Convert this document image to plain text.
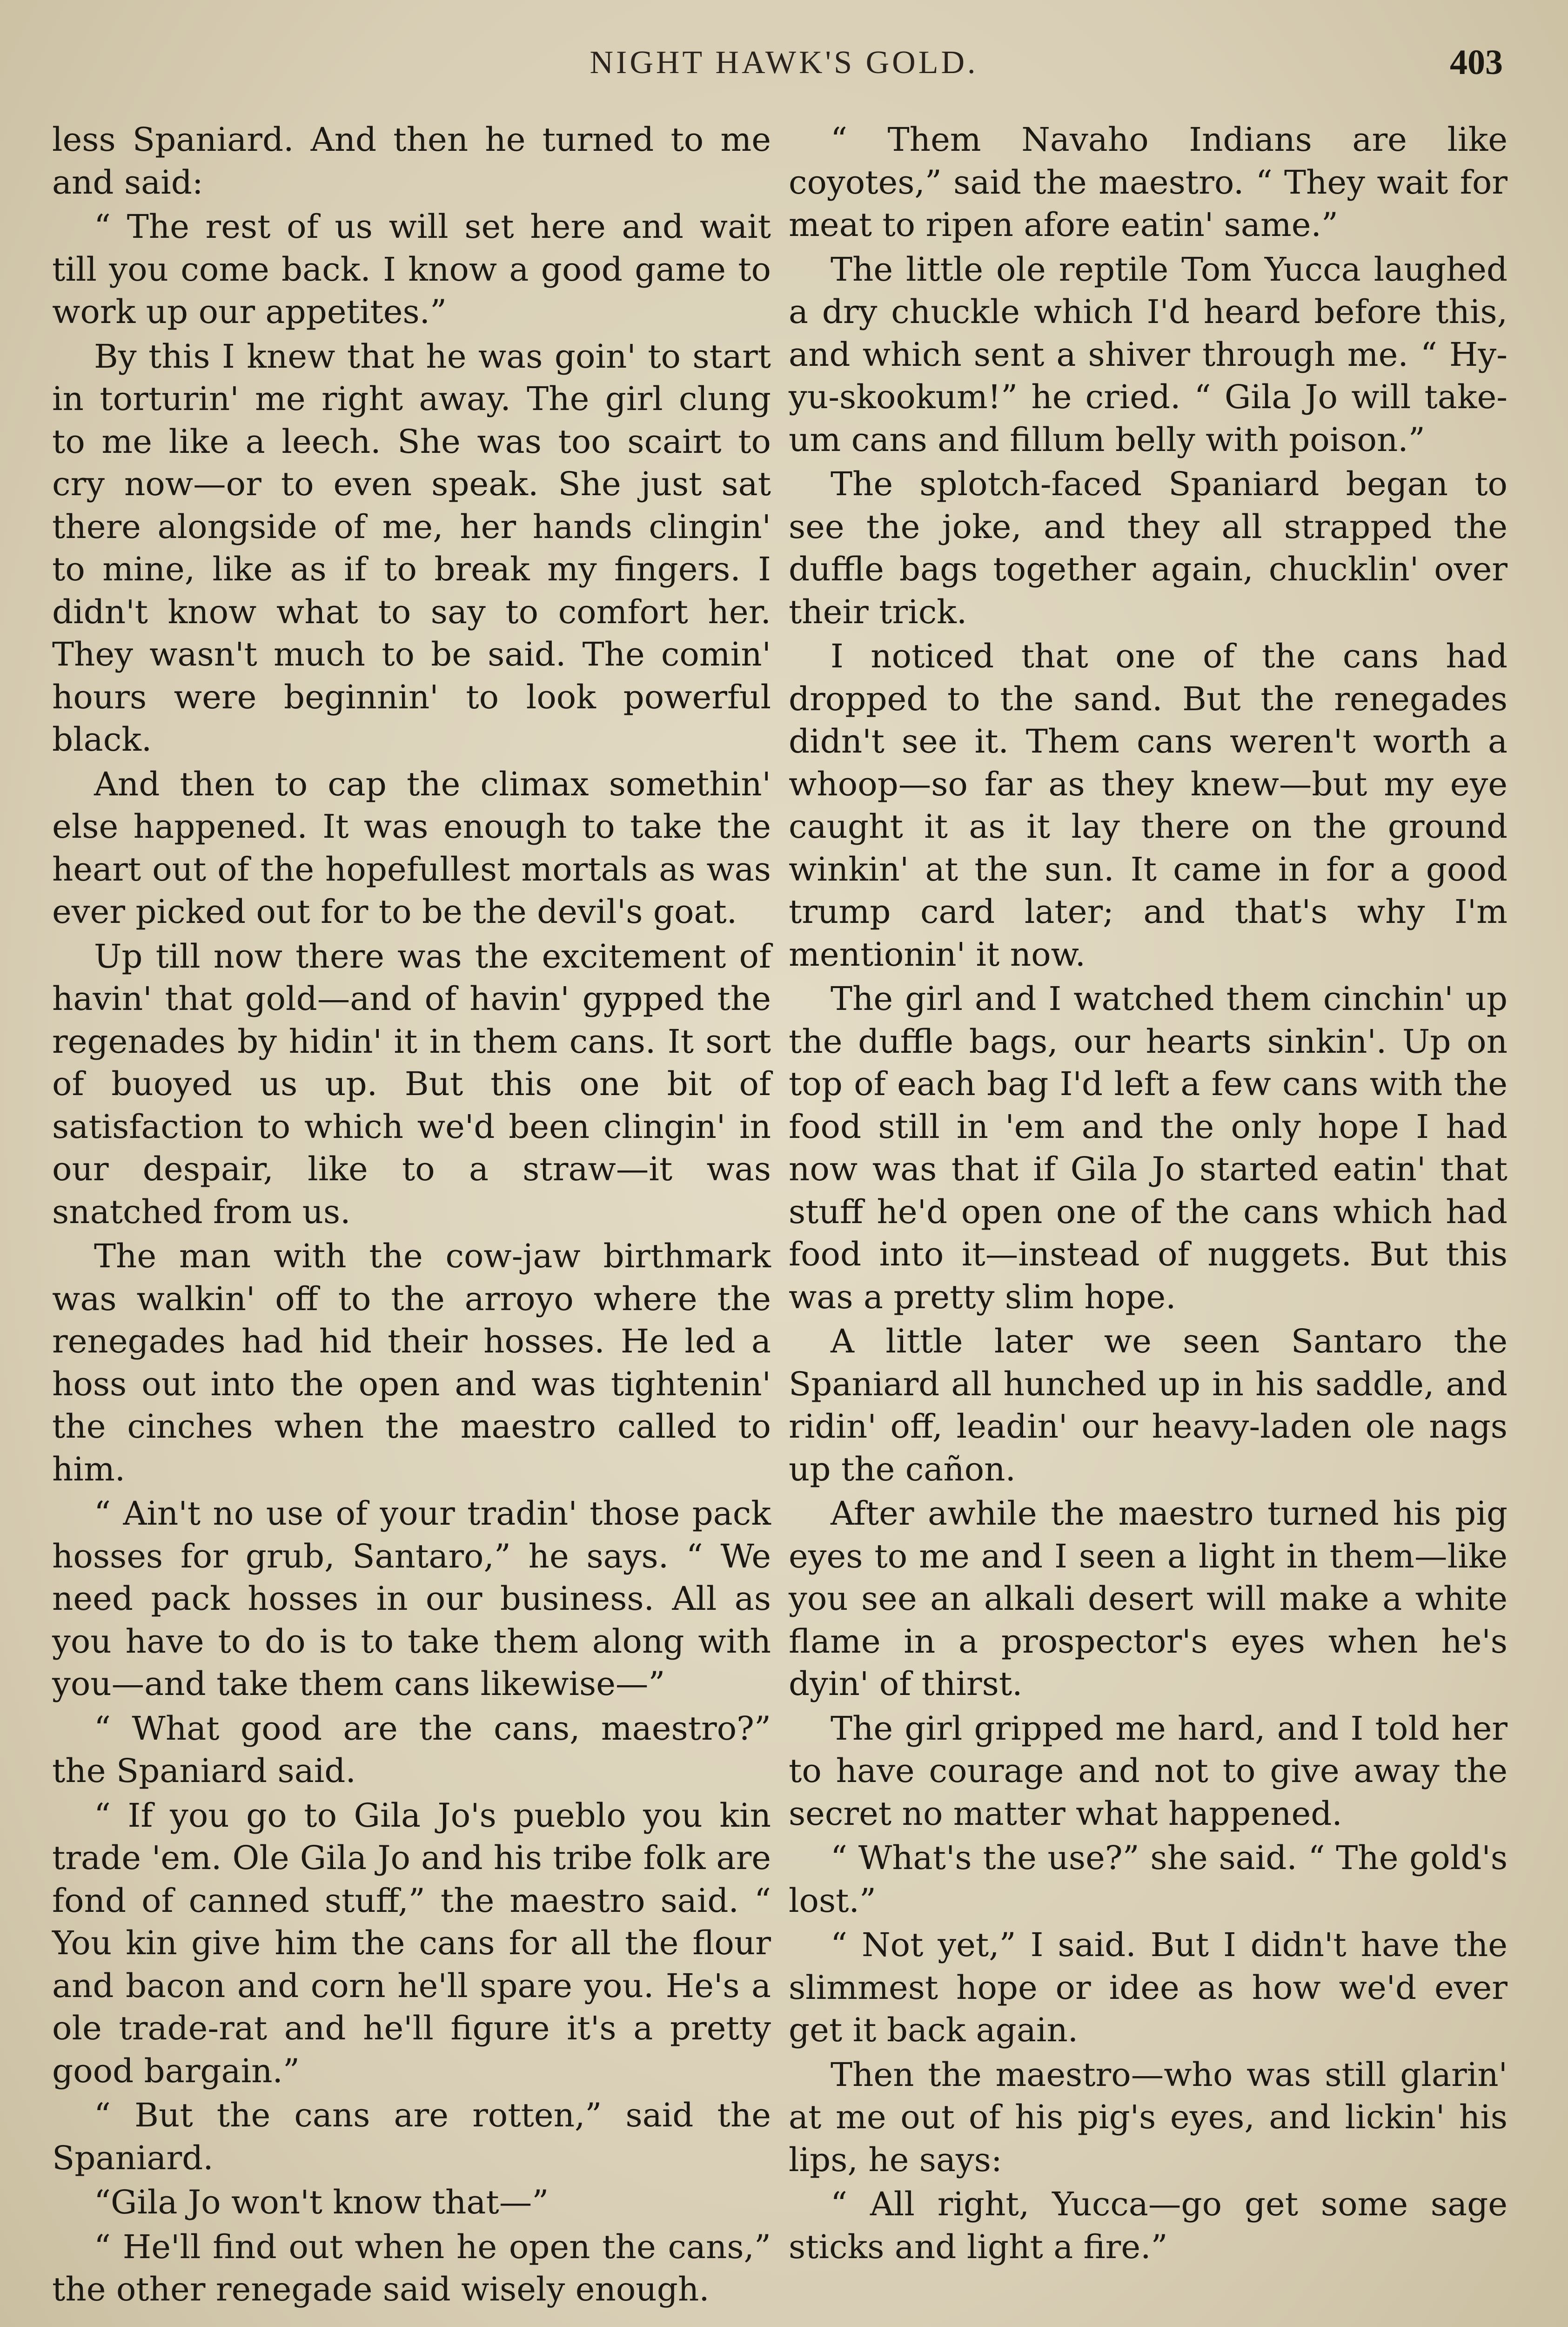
NIGHT HAWK'S GOLD.	403

less Spaniard. And then he turned to me and said:

“ The rest of us will set here and wait till you come back. I know a good game to work up our appetites.”

By this I knew that he was goin' to start in torturin' me right away. The girl clung to me like a leech. She was too scairt to cry now—or to even speak. She just sat there alongside of me, her hands clingin' to mine, like as if to break my fingers. I didn't know what to say to comfort her. They wasn't much to be said. The comin' hours were beginnin' to look powerful black.

And then to cap the climax somethin' else happened. It was enough to take the heart out of the hopefullest mortals as was ever picked out for to be the devil's goat.

Up till now there was the excitement of havin' that gold—and of havin' gypped the regenades by hidin' it in them cans. It sort of buoyed us up. But this one bit of satisfaction to which we'd been clingin' in our despair, like to a straw—it was snatched from us.

The man with the cow-jaw birthmark was walkin' off to the arroyo where the renegades had hid their hosses. He led a hoss out into the open and was tightenin' the cinches when the maestro called to him.

“ Ain't no use of your tradin' those pack hosses for grub, Santaro,” he says. “ We need pack hosses in our business. All as you have to do is to take them along with you—and take them cans likewise—”

“ What good are the cans, maestro?” the Spaniard said.

“ If you go to Gila Jo's pueblo you kin trade 'em. Ole Gila Jo and his tribe folk are fond of canned stuff,” the maestro said. “ You kin give him the cans for all the flour and bacon and corn he'll spare you. He's a ole trade-rat and he'll figure it's a pretty good bargain.”

“ But the cans are rotten,” said the Spaniard.

“Gila Jo won't know that—”

“ He'll find out when he open the cans,” the other renegade said wisely enough.

“ Them Navaho Indians are like coyotes,” said the maestro. “ They wait for meat to ripen afore eatin' same.”

The little ole reptile Tom Yucca laughed a dry chuckle which I'd heard before this, and which sent a shiver through me. “ Hy-yu-skookum!” he cried. “ Gila Jo will take-um cans and fillum belly with poison.”

The splotch-faced Spaniard began to see the joke, and they all strapped the duffle bags together again, chucklin' over their trick.

I noticed that one of the cans had dropped to the sand. But the renegades didn't see it. Them cans weren't worth a whoop—so far as they knew—but my eye caught it as it lay there on the ground winkin' at the sun. It came in for a good trump card later; and that's why I'm mentionin' it now.

The girl and I watched them cinchin' up the duffle bags, our hearts sinkin'. Up on top of each bag I'd left a few cans with the food still in 'em and the only hope I had now was that if Gila Jo started eatin' that stuff he'd open one of the cans which had food into it—instead of nuggets. But this was a pretty slim hope.

A little later we seen Santaro the Spaniard all hunched up in his saddle, and ridin' off, leadin' our heavy-laden ole nags up the cañon.

After awhile the maestro turned his pig eyes to me and I seen a light in them—like you see an alkali desert will make a white flame in a prospector's eyes when he's dyin' of thirst.

The girl gripped me hard, and I told her to have courage and not to give away the secret no matter what happened.

“ What's the use?” she said. “ The gold's lost.”

“ Not yet,” I said. But I didn't have the slimmest hope or idee as how we'd ever get it back again.

Then the maestro—who was still glarin' at me out of his pig's eyes, and lickin' his lips, he says:

“ All right, Yucca—go get some sage sticks and light a fire.”
